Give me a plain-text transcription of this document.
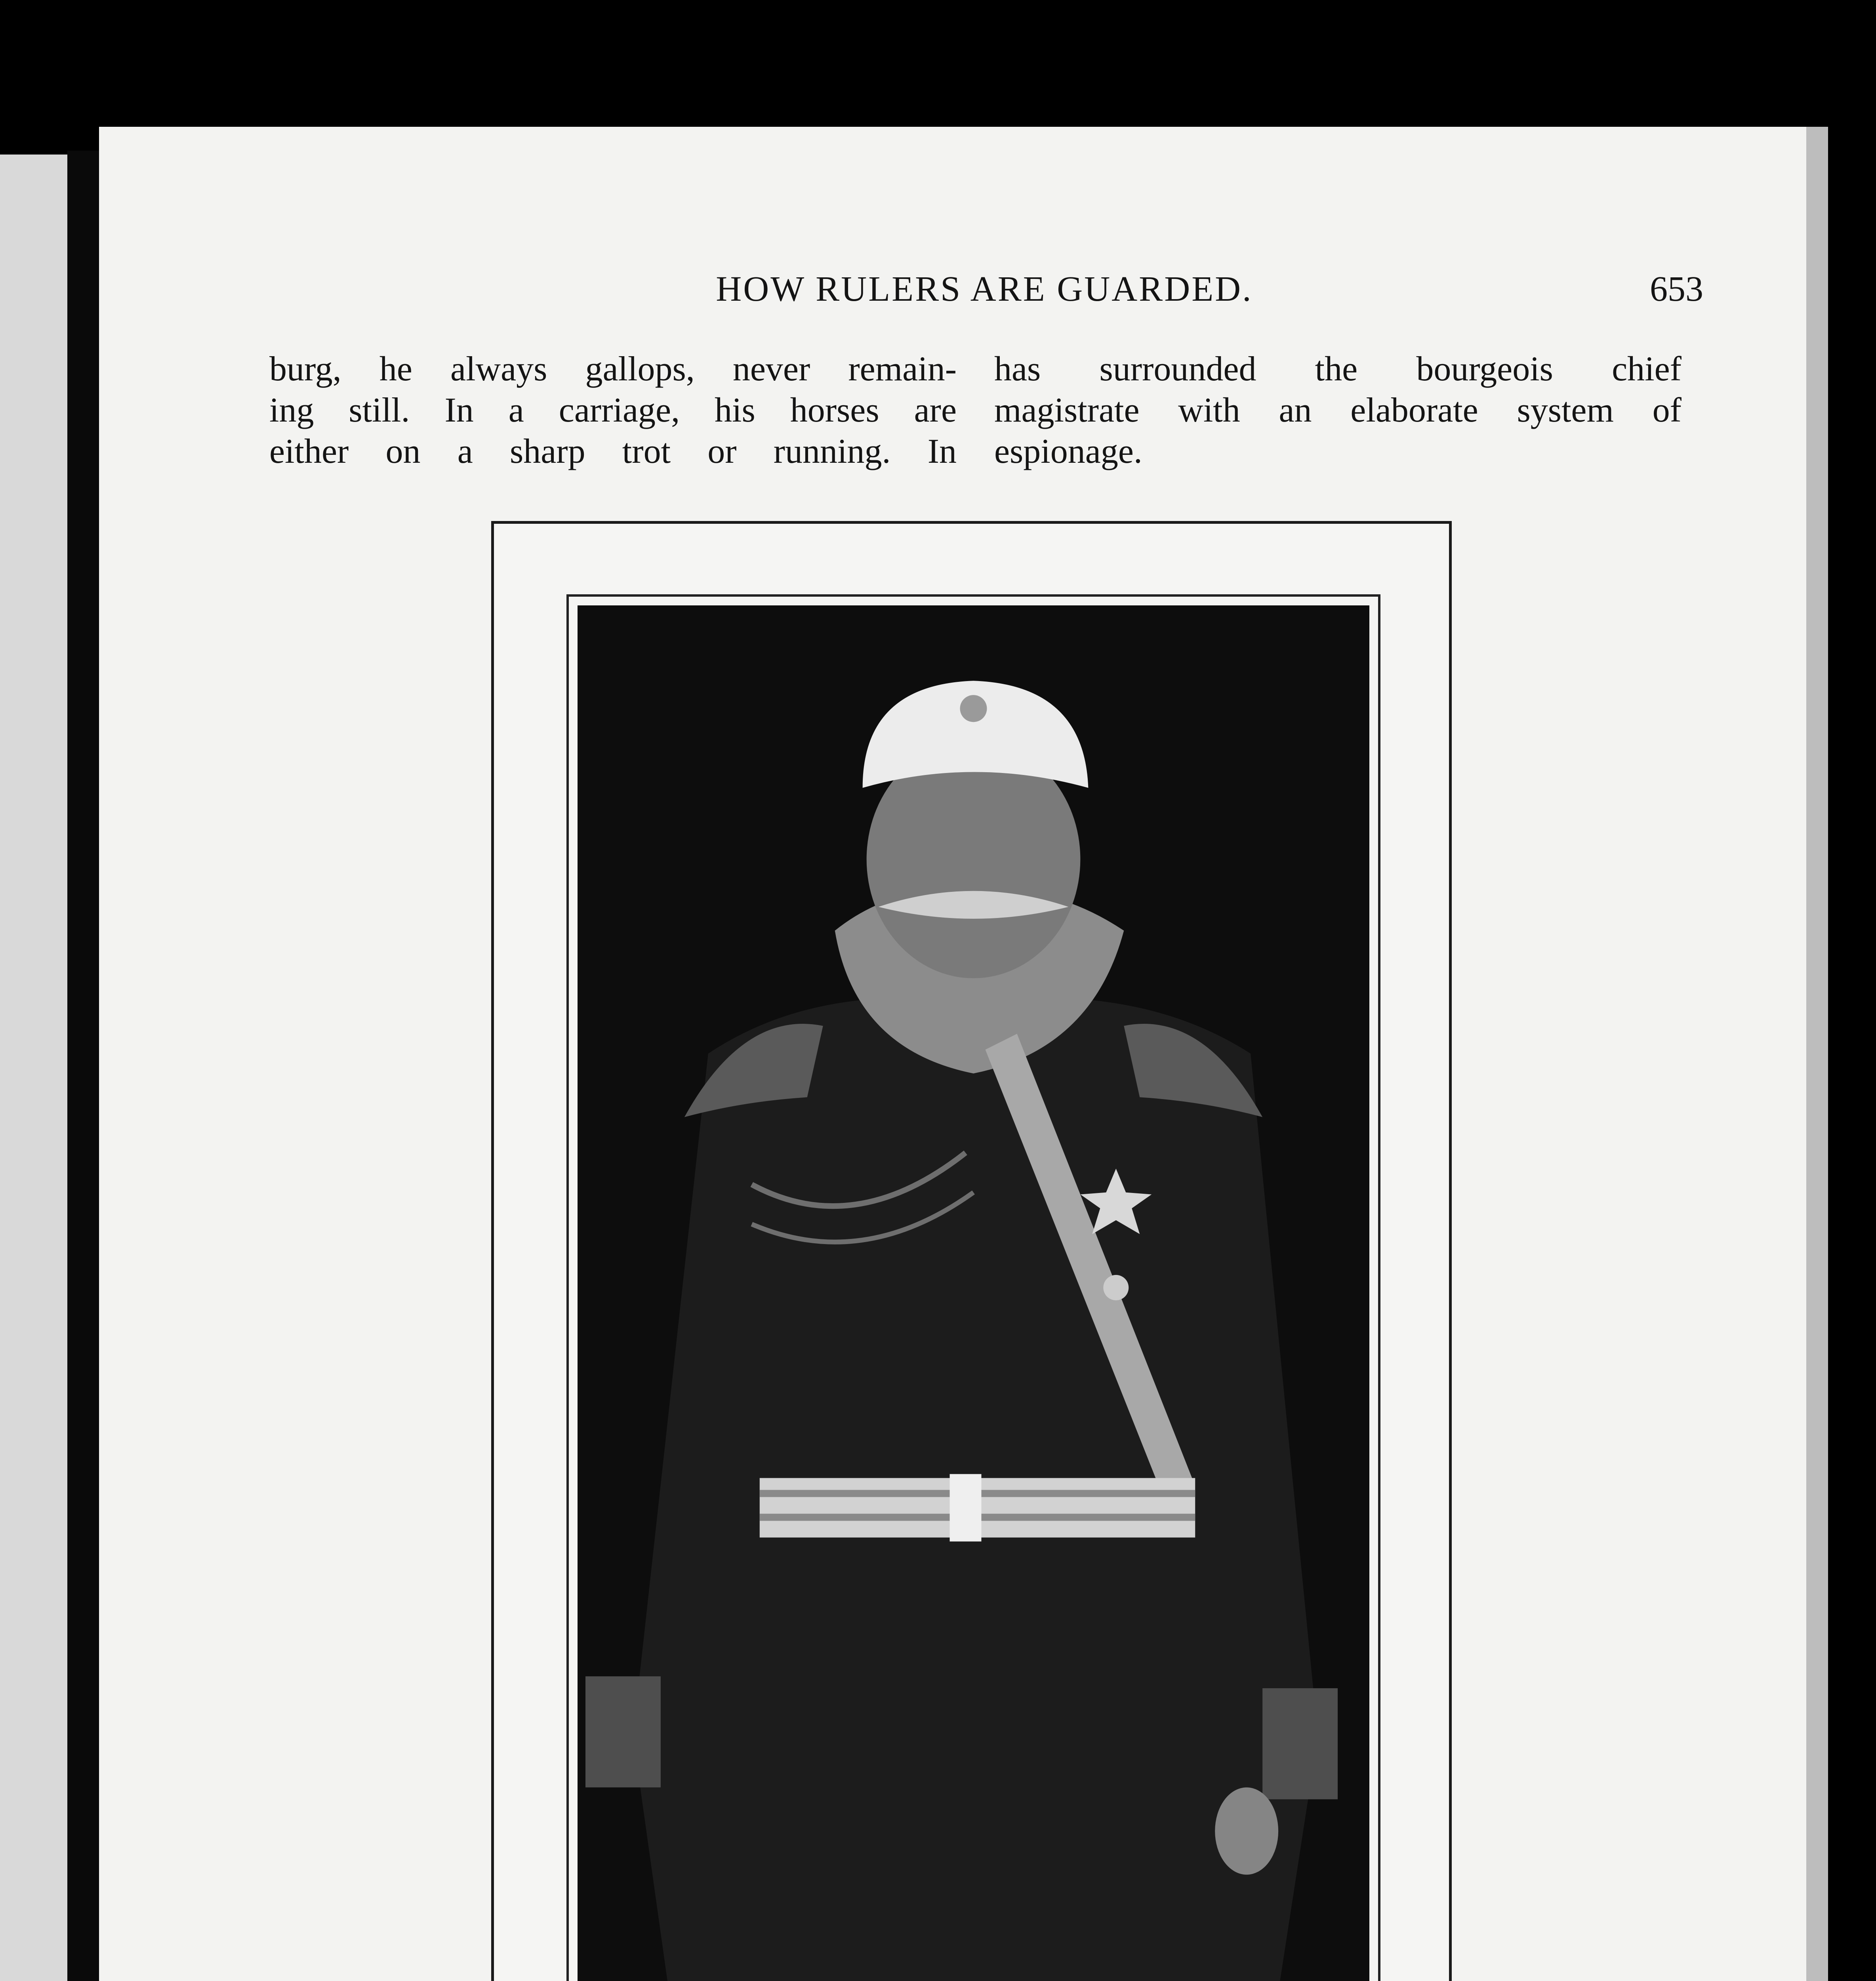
HOW RULERS ARE GUARDED.	653
burg, he always gallops, never remain-
ing still. In a carriage, his horses are
either on a sharp trot or running. In
has surrounded the bourgeois chief
magistrate with an elaborate system of
espionage.
